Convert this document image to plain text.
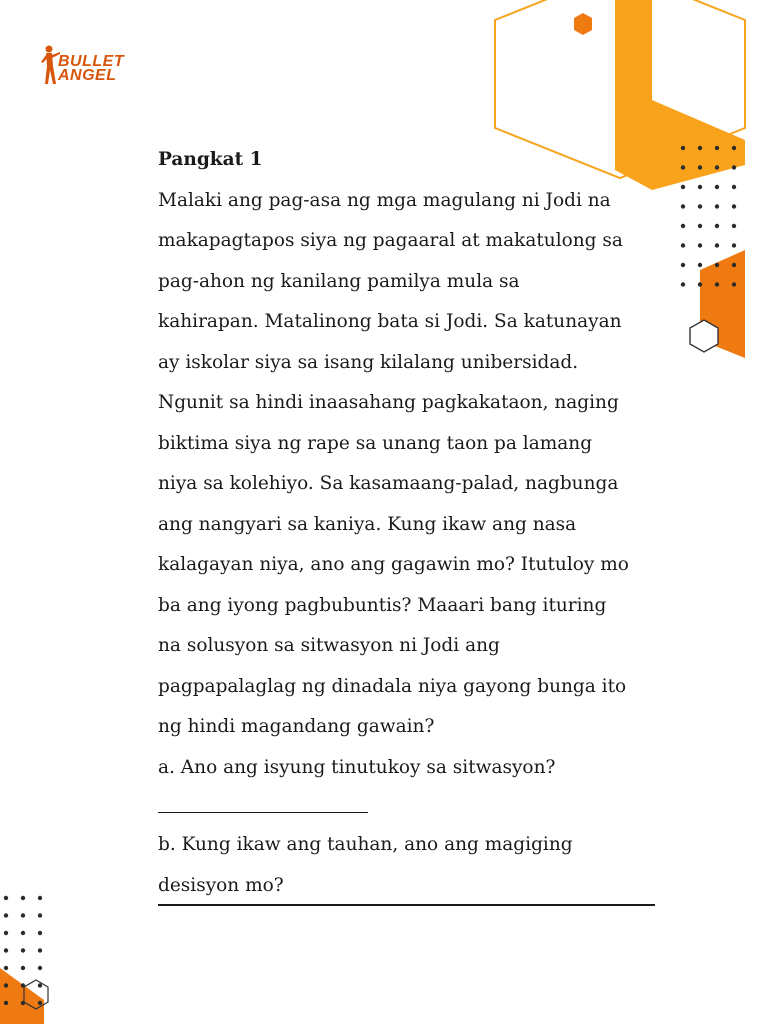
BULLET
ANGEL

Pangkat 1

Malaki ang pag-asa ng mga magulang ni Jodi na

makapagtapos siya ng pagaaral at makatulong sa

pag-ahon ng kanilang pamilya mula sa

kahirapan. Matalinong bata si Jodi. Sa katunayan

ay iskolar siya sa isang kilalang unibersidad.

Ngunit sa hindi inaasahang pagkakataon, naging

biktima siya ng rape sa unang taon pa lamang

niya sa kolehiyo. Sa kasamaang-palad, nagbunga

ang nangyari sa kaniya. Kung ikaw ang nasa

kalagayan niya, ano ang gagawin mo? Itutuloy mo

ba ang iyong pagbubuntis? Maaari bang ituring

na solusyon sa sitwasyon ni Jodi ang

pagpapalaglag ng dinadala niya gayong bunga ito

ng hindi magandang gawain?

a. Ano ang isyung tinutukoy sa sitwasyon?

b. Kung ikaw ang tauhan, ano ang magiging

desisyon mo?
